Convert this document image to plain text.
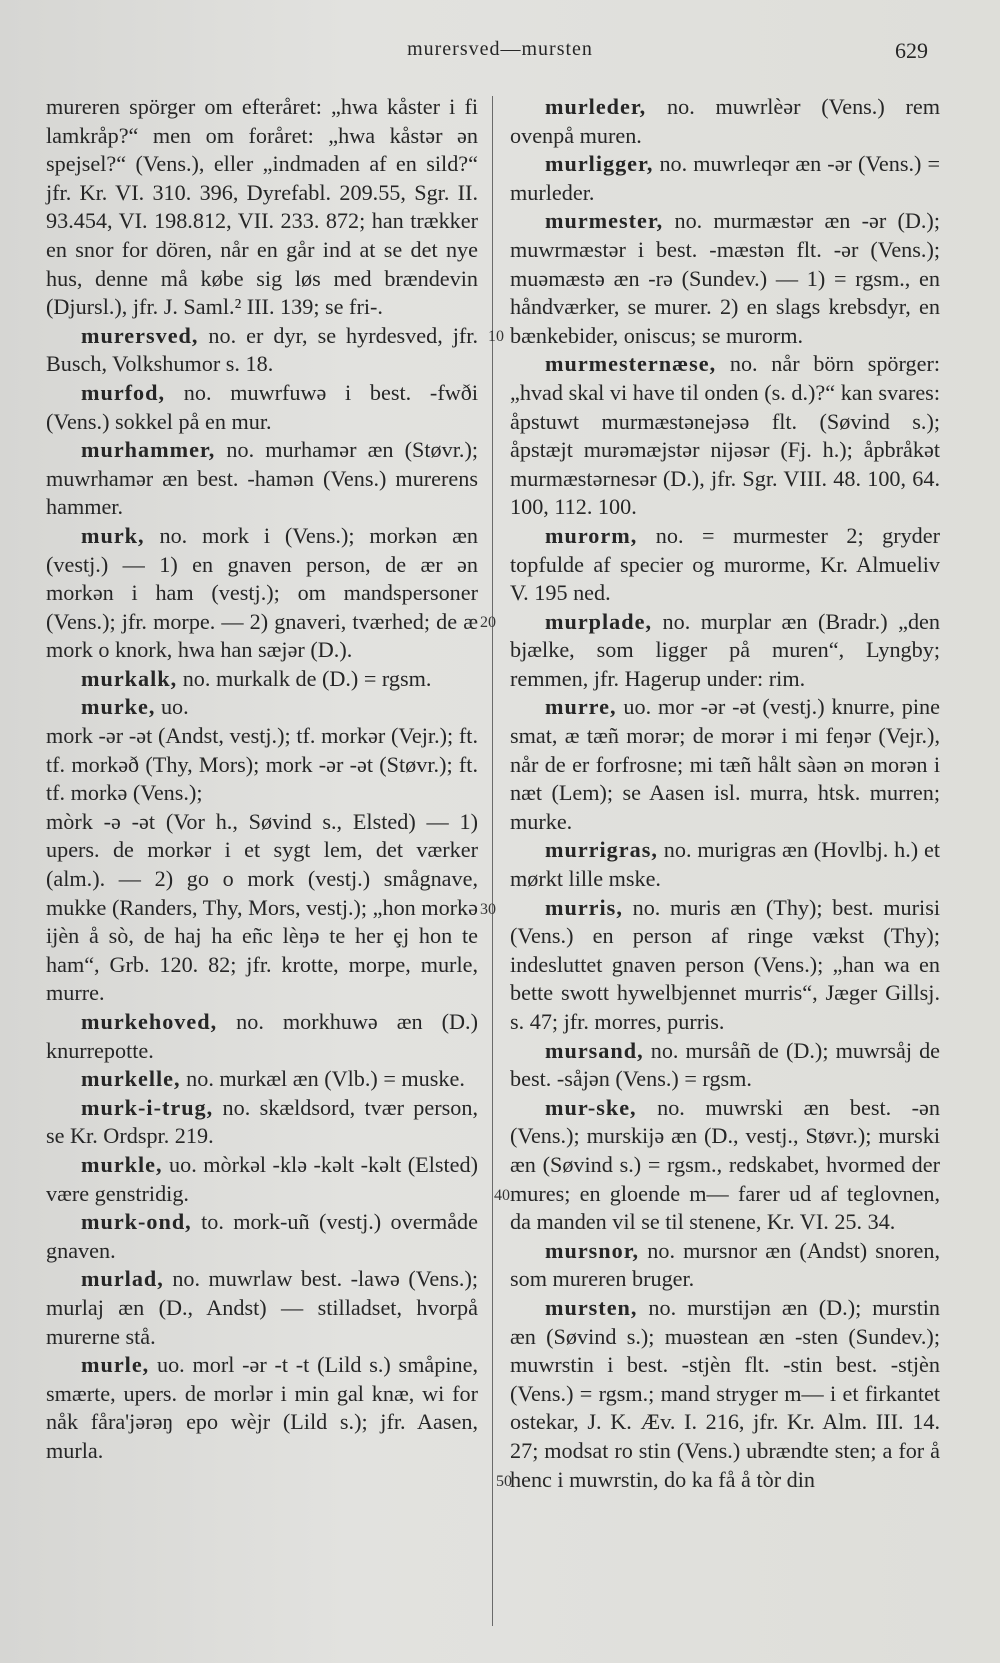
murersved—mursten	629

mureren spörger om efteråret: „hwa kåster i fi lamkråp?“ men om foråret: „hwa kåstər ən spejsel?“ (Vens.), eller „indmaden af en sild?“ jfr. Kr. VI. 310. 396, Dyrefabl. 209.55, Sgr. II. 93.454, VI. 198.812, VII. 233. 872; han trækker en snor for dören, når en går ind at se det nye hus, denne må købe sig løs med brændevin (Djursl.), jfr. J. Saml.² III. 139; se fri-.

murersved, no. er dyr, se hyrdesved, jfr. Busch, Volkshumor s. 18.

murfod, no. muwrfuwə i best. -fwði (Vens.) sokkel på en mur.

murhammer, no. murhamər æn (Støvr.); muwrhamər æn best. -hamən (Vens.) murerens hammer.

murk, no. mork i (Vens.); morkən æn (vestj.) — 1) en gnaven person, de ær ən morkən i ham (vestj.); om mandspersoner (Vens.); jfr. morpe. — 2) gnaveri, tværhed; de æ mork o knork, hwa han sæjər (D.).

murkalk, no. murkalk de (D.) = rgsm.

murke, uo.

mork -ər -ət (Andst, vestj.); tf. morkər (Vejr.); ft. tf. morkəð (Thy, Mors); mork -ər -ət (Støvr.); ft. tf. morkə (Vens.);

mòrk -ə -ət (Vor h., Søvind s., Elsted) — 1) upers. de morkər i et sygt lem, det værker (alm.). — 2) go o mork (vestj.) smågnave, mukke (Randers, Thy, Mors, vestj.); „hon morkə ijèn å sò, de haj ha eñc lèŋə te her ȩj hon te ham“, Grb. 120. 82; jfr. krotte, morpe, murle, murre.

murkehoved, no. morkhuwə æn (D.) knurrepotte.

murkelle, no. murkæl æn (Vlb.) = muske.

murk-i-trug, no. skældsord, tvær person, se Kr. Ordspr. 219.

murkle, uo. mòrkəl -klə -kəlt -kəlt (Elsted) være genstridig.

murk-ond, to. mork-uñ (vestj.) overmåde gnaven.

murlad, no. muwrlaw best. -lawə (Vens.); murlaj æn (D., Andst) — stilladset, hvorpå murerne stå.

murle, uo. morl -ər -t -t (Lild s.) småpine, smærte, upers. de morlər i min gal knæ, wi for nåk fåra'jərəŋ epo wèjr (Lild s.); jfr. Aasen, murla.

murleder, no. muwrlèər (Vens.) rem ovenpå muren.

murligger, no. muwrleqər æn -ər (Vens.) = murleder.

murmester, no. murmæstər æn -ər (D.); muwrmæstər i best. -mæstən flt. -ər (Vens.); muəmæstə æn -rə (Sundev.) — 1) = rgsm., en håndværker, se murer. 2) en slags krebsdyr, en bænkebider, oniscus; se murorm.

murmesternæse, no. når börn spörger: „hvad skal vi have til onden (s. d.)?“ kan svares: åpstuwt murmæstənejəsə flt. (Søvind s.); åpstæjt murəmæjstər nijəsər (Fj. h.); åpbråkət murmæstərnesər (D.), jfr. Sgr. VIII. 48. 100, 64. 100, 112. 100.

murorm, no. = murmester 2; gryder topfulde af specier og murorme, Kr. Almueliv V. 195 ned.

murplade, no. murplar æn (Bradr.) „den bjælke, som ligger på muren“, Lyngby; remmen, jfr. Hagerup under: rim.

murre, uo. mor -ər -ət (vestj.) knurre, pine smat, æ tæñ morər; de morər i mi feŋər (Vejr.), når de er forfrosne; mi tæñ hålt sàən ən morən i næt (Lem); se Aasen isl. murra, htsk. murren; murke.

murrigras, no. murigras æn (Hovlbj. h.) et mørkt lille mske.

murris, no. muris æn (Thy); best. murisi (Vens.) en person af ringe vækst (Thy); indesluttet gnaven person (Vens.); „han wa en bette swott hywelbjennet murris“, Jæger Gillsj. s. 47; jfr. morres, purris.

mursand, no. mursåñ de (D.); muwrsåj de best. -såjən (Vens.) = rgsm.

mur-ske, no. muwrski æn best. -ən (Vens.); murskijə æn (D., vestj., Støvr.); murski æn (Søvind s.) = rgsm., redskabet, hvormed der mures; en gloende m— farer ud af teglovnen, da manden vil se til stenene, Kr. VI. 25. 34.

mursnor, no. mursnor æn (Andst) snoren, som mureren bruger.

mursten, no. murstijən æn (D.); murstin æn (Søvind s.); muəstean æn -sten (Sundev.); muwrstin i best. -stjèn flt. -stin best. -stjèn (Vens.) = rgsm.; mand stryger m— i et firkantet ostekar, J. K. Æv. I. 216, jfr. Kr. Alm. III. 14. 27; modsat ro stin (Vens.) ubrændte sten; a for å henc i muwrstin, do ka få å tòr din

10
20
30
40
50
